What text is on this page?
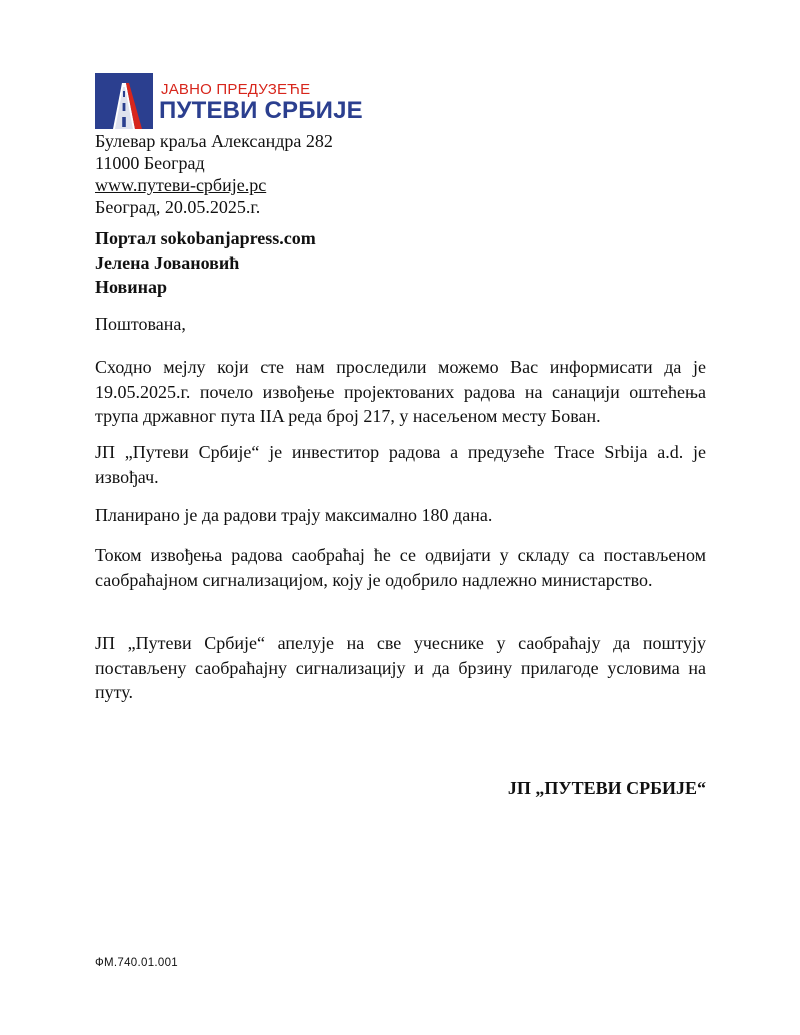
ЈАВНО ПРЕДУЗЕЋЕ
ПУТЕВИ СРБИЈЕ
Булевар краља Александра 282
11000 Београд
www.путеви-србије.рс
Београд, 20.05.2025.г.
Портал sokobanjapress.com
Јелена Јовановић
Новинар
Поштована,

Сходно мејлу који сте нам проследили можемо Вас информисати да је 19.05.2025.г. почело извођење пројектованих радова на санацији оштећења трупа државног пута IIA реда број 217, у насељеном месту Бован.

ЈП „Путеви Србије“ је инвеститор радова а предузеће Trace Srbija a.d. је извођач.

Планирано је да радови трају максимално 180 дана.

Током извођења радова саобраћај ће се одвијати у складу са постављеном саобраћајном сигнализацијом, коју је одобрило надлежно министарство.

ЈП „Путеви Србије“ апелује на све учеснике у саобраћају да поштују постављену саобраћајну сигнализацију и да брзину прилагоде условима на путу.

ЈП „ПУТЕВИ СРБИЈЕ“
ФМ.740.01.001
